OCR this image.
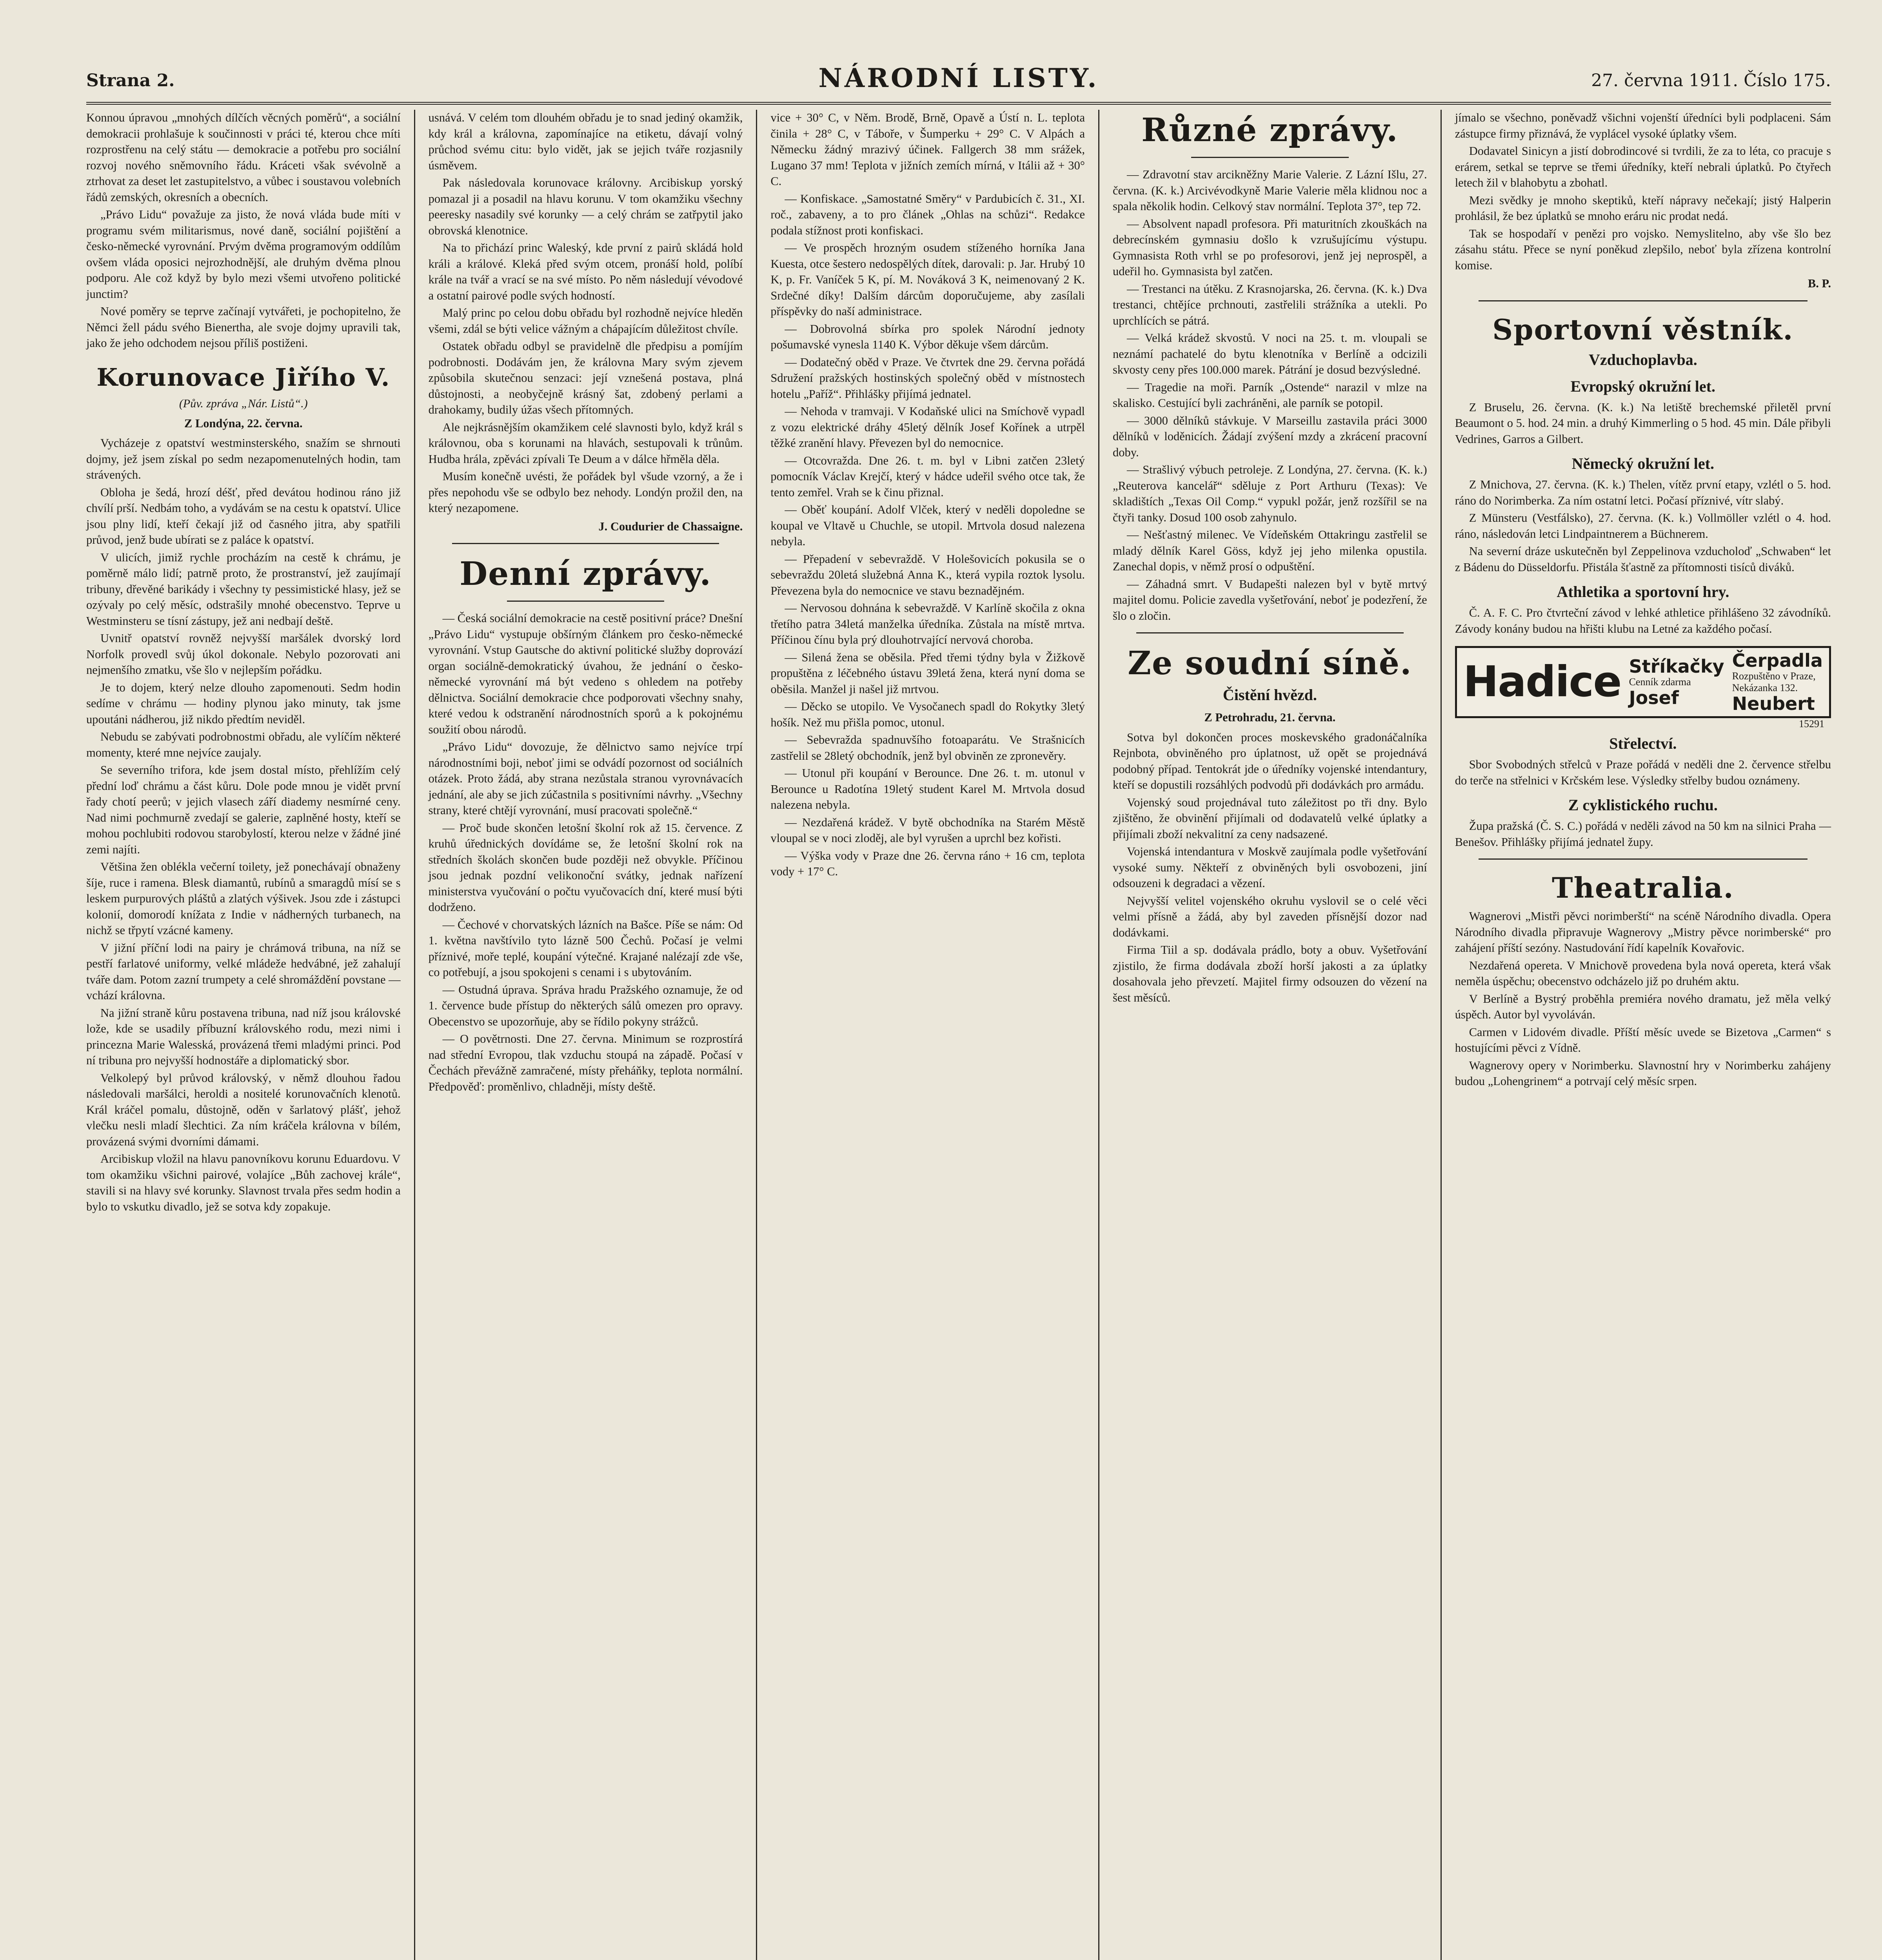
Strana 2.	NÁRODNÍ LISTY.	27. června 1911. Číslo 175.

Konnou úpravou „mnohých dílčích věcných poměrů“, a sociální demokracii prohlašuje k součinnosti v práci té, kterou chce míti rozprostřenu na celý státu — demokracie a potřebu pro sociální rozvoj nového sněmovního řádu. Kráceti však svévolně a ztrhovat za deset let zastupitelstvo, a vůbec i soustavou volebních řádů zemských, okresních a obecních.

„Právo Lidu“ považuje za jisto, že nová vláda bude míti v programu svém militarismus, nové daně, sociální pojištění a česko-německé vyrovnání. Prvým dvěma programovým oddílům ovšem vláda oposici nejrozhodnější, ale druhým dvěma plnou podporu. Ale což když by bylo mezi všemi utvořeno politické junctim?

Nové poměry se teprve začínají vytvářeti, je pochopitelno, že Němci žell pádu svého Bienertha, ale svoje dojmy upravili tak, jako že jeho odchodem nejsou příliš postiženi.

Korunovace Jiřího V.
(Pův. zpráva „Nár. Listů“.)
Z Londýna, 22. června.

Vycházeje z opatství westminsterského, snažím se shrnouti dojmy, jež jsem získal po sedm nezapomenutelných hodin, tam strávených.

Obloha je šedá, hrozí déšť, před devátou hodinou ráno již chvílí prší. Nedbám toho, a vydávám se na cestu k opatství. Ulice jsou plny lidí, kteří čekají již od časného jitra, aby spatřili průvod, jenž bude ubírati se z paláce k opatství.

V ulicích, jimiž rychle procházím na cestě k chrámu, je poměrně málo lidí; patrně proto, že prostranství, jež zaujímají tribuny, dřevěné barikády i všechny ty pessimistické hlasy, jež se ozývaly po celý měsíc, odstrašily mnohé obecenstvo. Teprve u Westminsteru se tísní zástupy, jež ani nedbají deště.

Uvnitř opatství rovněž nejvyšší maršálek dvorský lord Norfolk provedl svůj úkol dokonale. Nebylo pozorovati ani nejmenšího zmatku, vše šlo v nejlepším pořádku.

Je to dojem, který nelze dlouho zapomenouti. Sedm hodin sedíme v chrámu — hodiny plynou jako minuty, tak jsme upoutáni nádherou, již nikdo předtím neviděl.

Nebudu se zabývati podrobnostmi obřadu, ale vylíčím některé momenty, které mne nejvíce zaujaly.

Se severního trifora, kde jsem dostal místo, přehlížím celý přední loď chrámu a část kůru. Dole pode mnou je vidět první řady chotí peerů; v jejich vlasech září diademy nesmírné ceny. Nad nimi pochmurně zvedají se galerie, zaplněné hosty, kteří se mohou pochlubiti rodovou starobylostí, kterou nelze v žádné jiné zemi najíti.

Většina žen oblékla večerní toilety, jež ponechávají obnaženy šíje, ruce i ramena. Blesk diamantů, rubínů a smaragdů mísí se s leskem purpurových pláštů a zlatých výšivek. Jsou zde i zástupci kolonií, domorodí knížata z Indie v nádherných turbanech, na nichž se třpytí vzácné kameny.

V jižní příční lodi na pairy je chrámová tribuna, na níž se pestří farlatové uniformy, velké mládeže hedvábné, jež zahalují tváře dam. Potom zazní trumpety a celé shromáždění povstane — vchází královna.

Na jižní straně kůru postavena tribuna, nad níž jsou královské lože, kde se usadily příbuzní královského rodu, mezi nimi i princezna Marie Walesská, provázená třemi mladými princi. Pod ní tribuna pro nejvyšší hodnostáře a diplomatický sbor.

Velkolepý byl průvod královský, v němž dlouhou řadou následovali maršálci, heroldi a nositelé korunovačních klenotů. Král kráčel pomalu, důstojně, oděn v šarlatový plášť, jehož vlečku nesli mladí šlechtici. Za ním kráčela královna v bílém, provázená svými dvorními dámami.

Arcibiskup vložil na hlavu panovníkovu korunu Eduardovu. V tom okamžiku všichni pairové, volajíce „Bůh zachovej krále“, stavili si na hlavy své korunky. Slavnost trvala přes sedm hodin a bylo to vskutku divadlo, jež se sotva kdy zopakuje.

usnává. V celém tom dlouhém obřadu je to snad jediný okamžik, kdy král a královna, zapomínajíce na etiketu, dávají volný průchod svému citu: bylo vidět, jak se jejich tváře rozjasnily úsměvem.

Pak následovala korunovace královny. Arcibiskup yorský pomazal ji a posadil na hlavu korunu. V tom okamžiku všechny peeresky nasadily své korunky — a celý chrám se zatřpytil jako obrovská klenotnice.

Na to přichází princ Waleský, kde první z pairů skládá hold králi a králové. Kleká před svým otcem, pronáší hold, políbí krále na tvář a vrací se na své místo. Po něm následují vévodové a ostatní pairové podle svých hodností.

Malý princ po celou dobu obřadu byl rozhodně nejvíce hleděn všemi, zdál se býti velice vážným a chápajícím důležitost chvíle.

Ostatek obřadu odbyl se pravidelně dle předpisu a pomíjím podrobnosti. Dodávám jen, že královna Mary svým zjevem způsobila skutečnou senzaci: její vznešená postava, plná důstojnosti, a neobyčejně krásný šat, zdobený perlami a drahokamy, budily úžas všech přítomných.

Ale nejkrásnějším okamžikem celé slavnosti bylo, když král s královnou, oba s korunami na hlavách, sestupovali k trůnům. Hudba hrála, zpěváci zpívali Te Deum a v dálce hřměla děla.

Musím konečně uvésti, že pořádek byl všude vzorný, a že i přes nepohodu vše se odbylo bez nehody. Londýn prožil den, na který nezapomene.

J. Coudurier de Chassaigne.
Denní zprávy.

— Česká sociální demokracie na cestě positivní práce? Dnešní „Právo Lidu“ vystupuje obšírným článkem pro česko-německé vyrovnání. Vstup Gautsche do aktivní politické služby doprovází organ sociálně-demokratický úvahou, že jednání o česko-německé vyrovnání má být vedeno s ohledem na potřeby dělnictva. Sociální demokracie chce podporovati všechny snahy, které vedou k odstranění národnostních sporů a k pokojnému soužití obou národů.

„Právo Lidu“ dovozuje, že dělnictvo samo nejvíce trpí národnostními boji, neboť jimi se odvádí pozornost od sociálních otázek. Proto žádá, aby strana nezůstala stranou vyrovnávacích jednání, ale aby se jich zúčastnila s positivními návrhy. „Všechny strany, které chtějí vyrovnání, musí pracovati společně.“

— Proč bude skončen letošní školní rok až 15. července. Z kruhů úřednických dovídáme se, že letošní školní rok na středních školách skončen bude později než obvykle. Příčinou jsou jednak pozdní velikonoční svátky, jednak nařízení ministerstva vyučování o počtu vyučovacích dní, které musí býti dodrženo.

— Čechové v chorvatských lázních na Bašce. Píše se nám: Od 1. května navštívilo tyto lázně 500 Čechů. Počasí je velmi příznivé, moře teplé, koupání výtečné. Krajané nalézají zde vše, co potřebují, a jsou spokojeni s cenami i s ubytováním.

— Ostudná úprava. Správa hradu Pražského oznamuje, že od 1. července bude přístup do některých sálů omezen pro opravy. Obecenstvo se upozorňuje, aby se řídilo pokyny strážců.

— O povětrnosti. Dne 27. června. Minimum se rozprostírá nad střední Evropou, tlak vzduchu stoupá na západě. Počasí v Čechách převážně zamračené, místy přeháňky, teplota normální. Předpověď: proměnlivo, chladněji, místy deště.

vice + 30° C, v Něm. Brodě, Brně, Opavě a Ústí n. L. teplota činila + 28° C, v Táboře, v Šumperku + 29° C. V Alpách a Německu žádný mrazivý účinek. Fallgerch 38 mm srážek, Lugano 37 mm! Teplota v jižních zemích mírná, v Itálii až + 30° C.

— Konfiskace. „Samostatné Směry“ v Pardubicích č. 31., XI. roč., zabaveny, a to pro článek „Ohlas na schůzi“. Redakce podala stížnost proti konfiskaci.

— Ve prospěch hrozným osudem stíženého horníka Jana Kuesta, otce šestero nedospělých dítek, darovali: p. Jar. Hrubý 10 K, p. Fr. Vaníček 5 K, pí. M. Nováková 3 K, neimenovaný 2 K. Srdečné díky! Dalším dárcům doporučujeme, aby zasílali příspěvky do naší administrace.

— Dobrovolná sbírka pro spolek Národní jednoty pošumavské vynesla 1140 K. Výbor děkuje všem dárcům.

— Dodatečný oběd v Praze. Ve čtvrtek dne 29. června pořádá Sdružení pražských hostinských společný oběd v místnostech hotelu „Paříž“. Přihlášky přijímá jednatel.

— Nehoda v tramvaji. V Kodaňské ulici na Smíchově vypadl z vozu elektrické dráhy 45letý dělník Josef Kořínek a utrpěl těžké zranění hlavy. Převezen byl do nemocnice.

— Otcovražda. Dne 26. t. m. byl v Libni zatčen 23letý pomocník Václav Krejčí, který v hádce udeřil svého otce tak, že tento zemřel. Vrah se k činu přiznal.

— Oběť koupání. Adolf Vlček, který v neděli dopoledne se koupal ve Vltavě u Chuchle, se utopil. Mrtvola dosud nalezena nebyla.

— Přepadení v sebevraždě. V Holešovicích pokusila se o sebevraždu 20letá služebná Anna K., která vypila roztok lysolu. Převezena byla do nemocnice ve stavu beznadějném.

— Nervosou dohnána k sebevraždě. V Karlíně skočila z okna třetího patra 34letá manželka úředníka. Zůstala na místě mrtva. Příčinou čínu byla prý dlouhotrvající nervová choroba.

— Silená žena se oběsila. Před třemi týdny byla v Žižkově propuštěna z léčebného ústavu 39letá žena, která nyní doma se oběsila. Manžel ji našel již mrtvou.

— Děcko se utopilo. Ve Vysočanech spadl do Rokytky 3letý hošík. Než mu přišla pomoc, utonul.

— Sebevražda spadnuvšího fotoaparátu. Ve Strašnicích zastřelil se 28letý obchodník, jenž byl obviněn ze zpronevěry.

— Utonul při koupání v Berounce. Dne 26. t. m. utonul v Berounce u Radotína 19letý student Karel M. Mrtvola dosud nalezena nebyla.

— Nezdařená krádež. V bytě obchodníka na Starém Městě vloupal se v noci zloděj, ale byl vyrušen a uprchl bez kořisti.

— Výška vody v Praze dne 26. června ráno + 16 cm, teplota vody + 17° C.

Různé zprávy.

— Zdravotní stav arcikněžny Marie Valerie. Z Lázní Išlu, 27. června. (K. k.) Arcivévodkyně Marie Valerie měla klidnou noc a spala několik hodin. Celkový stav normální. Teplota 37°, tep 72.

— Absolvent napadl profesora. Při maturitních zkouškách na debrecínském gymnasiu došlo k vzrušujícímu výstupu. Gymnasista Roth vrhl se po profesorovi, jenž jej neprospěl, a udeřil ho. Gymnasista byl zatčen.

— Trestanci na útěku. Z Krasnojarska, 26. června. (K. k.) Dva trestanci, chtějíce prchnouti, zastřelili strážníka a utekli. Po uprchlících se pátrá.

— Velká krádež skvostů. V noci na 25. t. m. vloupali se neznámí pachatelé do bytu klenotníka v Berlíně a odcizili skvosty ceny přes 100.000 marek. Pátrání je dosud bezvýsledné.

— Tragedie na moři. Parník „Ostende“ narazil v mlze na skalisko. Cestující byli zachráněni, ale parník se potopil.

— 3000 dělníků stávkuje. V Marseillu zastavila práci 3000 dělníků v loděnicích. Žádají zvýšení mzdy a zkrácení pracovní doby.

— Strašlivý výbuch petroleje. Z Londýna, 27. června. (K. k.) „Reuterova kancelář“ sděluje z Port Arthuru (Texas): Ve skladištích „Texas Oil Comp.“ vypukl požár, jenž rozšířil se na čtyři tanky. Dosud 100 osob zahynulo.

— Nešťastný milenec. Ve Vídeňském Ottakringu zastřelil se mladý dělník Karel Göss, když jej jeho milenka opustila. Zanechal dopis, v němž prosí o odpuštění.

— Záhadná smrt. V Budapešti nalezen byl v bytě mrtvý majitel domu. Policie zavedla vyšetřování, neboť je podezření, že šlo o zločin.

Ze soudní síně.
Čistění hvězd.
Z Petrohradu, 21. června.

Sotva byl dokončen proces moskevského gradonáčalníka Rejnbota, obviněného pro úplatnost, už opět se projednává podobný případ. Tentokrát jde o úředníky vojenské intendantury, kteří se dopustili rozsáhlých podvodů při dodávkách pro armádu.

Vojenský soud projednával tuto záležitost po tři dny. Bylo zjištěno, že obvinění přijímali od dodavatelů velké úplatky a přijímali zboží nekvalitní za ceny nadsazené.

Vojenská intendantura v Moskvě zaujímala podle vyšetřování vysoké sumy. Někteří z obviněných byli osvobozeni, jiní odsouzeni k degradaci a vězení.

Nejvyšší velitel vojenského okruhu vyslovil se o celé věci velmi přísně a žádá, aby byl zaveden přísnější dozor nad dodávkami.

Firma Tiil a sp. dodávala prádlo, boty a obuv. Vyšetřování zjistilo, že firma dodávala zboží horší jakosti a za úplatky dosahovala jeho převzetí. Majitel firmy odsouzen do vězení na šest měsíců.

jímalo se všechno, poněvadž všichni vojenští úředníci byli podplaceni. Sám zástupce firmy přiznává, že vyplácel vysoké úplatky všem.

Dodavatel Sinicyn a jistí dobrodincové si tvrdili, že za to léta, co pracuje s erárem, setkal se teprve se třemi úředníky, kteří nebrali úplatků. Po čtyřech letech žil v blahobytu a zbohatl.

Mezi svědky je mnoho skeptiků, kteří nápravy nečekají; jistý Halperin prohlásil, že bez úplatků se mnoho eráru nic prodat nedá.

Tak se hospodaří v penězi pro vojsko. Nemyslitelno, aby vše šlo bez zásahu státu. Přece se nyní poněkud zlepšilo, neboť byla zřízena kontrolní komise.

B. P.
Sportovní věstník.
Vzduchoplavba.
Evropský okružní let.

Z Bruselu, 26. června. (K. k.) Na letiště brechemské přiletěl první Beaumont o 5. hod. 24 min. a druhý Kimmerling o 5 hod. 45 min. Dále přibyli Vedrines, Garros a Gilbert.

Německý okružní let.

Z Mnichova, 27. června. (K. k.) Thelen, vítěz první etapy, vzlétl o 5. hod. ráno do Norimberka. Za ním ostatní letci. Počasí příznivé, vítr slabý.

Z Münsteru (Vestfálsko), 27. června. (K. k.) Vollmöller vzlétl o 4. hod. ráno, následován letci Lindpaintnerem a Büchnerem.

Na severní dráze uskutečněn byl Zeppelinova vzducholoď „Schwaben“ let z Bádenu do Düsseldorfu. Přistála šťastně za přítomnosti tisíců diváků.

Athletika a sportovní hry.

Č. A. F. C. Pro čtvrteční závod v lehké athletice přihlášeno 32 závodníků. Závody konány budou na hřišti klubu na Letné za každého počasí.

Hadice Stříkačky
Cenník zdarma
Josef
Čerpadla
Rozpuštěno v Praze, Nekázanka 132.
Neubert
15291
Střelectví.

Sbor Svobodných střelců v Praze pořádá v neděli dne 2. července střelbu do terče na střelnici v Krčském lese. Výsledky střelby budou oznámeny.

Z cyklistického ruchu.

Župa pražská (Č. S. C.) pořádá v neděli závod na 50 km na silnici Praha — Benešov. Přihlášky přijímá jednatel župy.

Theatralia.

Wagnerovi „Mistři pěvci norimberští“ na scéně Národního divadla. Opera Národního divadla připravuje Wagnerovy „Mistry pěvce norimberské“ pro zahájení příští sezóny. Nastudování řídí kapelník Kovařovic.

Nezdařená opereta. V Mnichově provedena byla nová opereta, která však neměla úspěchu; obecenstvo odcházelo již po druhém aktu.

V Berlíně a Bystrý proběhla premiéra nového dramatu, jež měla velký úspěch. Autor byl vyvoláván.

Carmen v Lidovém divadle. Příští měsíc uvede se Bizetova „Carmen“ s hostujícími pěvci z Vídně.

Wagnerovy opery v Norimberku. Slavnostní hry v Norimberku zahájeny budou „Lohengrinem“ a potrvají celý měsíc srpen.
